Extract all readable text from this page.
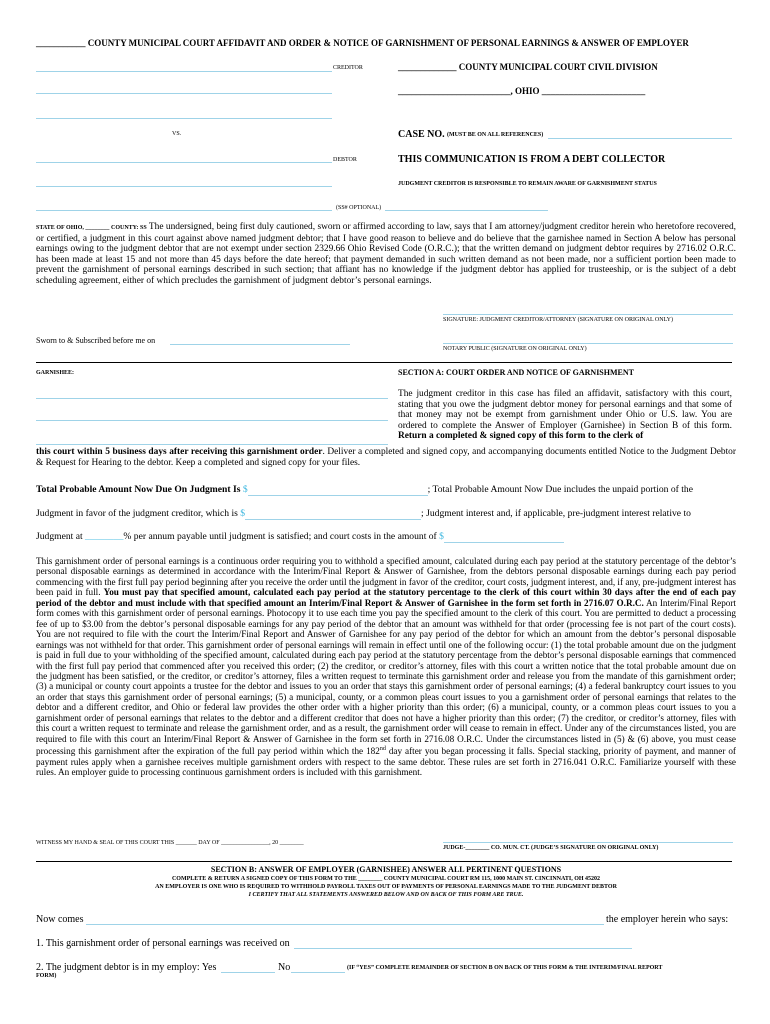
___________ COUNTY MUNICIPAL COURT AFFIDAVIT AND ORDER & NOTICE OF GARNISHMENT OF PERSONAL EARNINGS & ANSWER OF EMPLOYER
CREDITOR
VS.
DEBTOR
(SS# OPTIONAL)
_____________ COUNTY MUNICIPAL COURT CIVIL DIVISION
_________________________, OHIO _______________________
CASE NO. (MUST BE ON ALL REFERENCES)
THIS COMMUNICATION IS FROM A DEBT COLLECTOR
JUDGMENT CREDITOR IS RESPONSIBLE TO REMAIN AWARE OF GARNISHMENT STATUS
STATE OF OHIO, ________ COUNTY: SS The undersigned, being first duly cautioned, sworn or affirmed according to law, says that I am attorney/judgment creditor herein who heretofore recovered, or certified, a judgment in this court against above named judgment debtor; that I have good reason to believe and do believe that the garnishee named in Section A below has personal earnings owing to the judgment debtor that are not exempt under section 2329.66 Ohio Revised Code (O.R.C.); that the written demand on judgment debtor requires by 2716.02 O.R.C. has been made at least 15 and not more than 45 days before the date hereof; that payment demanded in such written demand as not been made, nor a sufficient portion been made to prevent the garnishment of personal earnings described in such section; that affiant has no knowledge if the judgment debtor has applied for trusteeship, or is the subject of a debt scheduling agreement, either of which precludes the garnishment of judgment debtor’s personal earnings.
SIGNATURE: JUDGMENT CREDITOR/ATTORNEY (SIGNATURE ON ORIGINAL ONLY)
Sworn to & Subscribed before me on
NOTARY PUBLIC (SIGNATURE ON ORIGINAL ONLY)
GARNISHEE:	SECTION A: COURT ORDER AND NOTICE OF GARNISHMENT
The judgment creditor in this case has filed an affidavit, satisfactory with this court, stating that you owe the judgment debtor money for personal earnings and that some of that money may not be exempt from garnishment under Ohio or U.S. law. You are ordered to complete the Answer of Employer (Garnishee) in Section B of this form. Return a completed & signed copy of this form to the clerk of
this court within 5 business days after receiving this garnishment order. Deliver a completed and signed copy, and accompanying documents entitled Notice to the Judgment Debtor & Request for Hearing to the debtor. Keep a completed and signed copy for your files.
Total Probable Amount Now Due On Judgment Is $	; Total Probable Amount Now Due includes the unpaid portion of the
Judgment in favor of the judgment creditor, which is $	; Judgment interest and, if applicable, pre-judgment interest relative to
Judgment at ________% per annum payable until judgment is satisfied; and court costs in the amount of $
This garnishment order of personal earnings is a continuous order requiring you to withhold a specified amount, calculated during each pay period at the statutory percentage of the debtor’s personal disposable earnings as determined in accordance with the Interim/Final Report & Answer of Garnishee, from the debtors personal disposable earnings during each pay period commencing with the first full pay period beginning after you receive the order until the judgment in favor of the creditor, court costs, judgment interest, and, if any, pre-judgment interest has been paid in full. You must pay that specified amount, calculated each pay period at the statutory percentage to the clerk of this court within 30 days after the end of each pay period of the debtor and must include with that specified amount an Interim/Final Report & Answer of Garnishee in the form set forth in 2716.07 O.R.C. An Interim/Final Report form comes with this garnishment order of personal earnings. Photocopy it to use each time you pay the specified amount to the clerk of this court. You are permitted to deduct a processing fee of up to $3.00 from the debtor’s personal disposable earnings for any pay period of the debtor that an amount was withheld for that order (processing fee is not part of the court costs). You are not required to file with the court the Interim/Final Report and Answer of Garnishee for any pay period of the debtor for which an amount from the debtor’s personal disposable earnings was not withheld for that order. This garnishment order of personal earnings will remain in effect until one of the following occur: (1) the total probable amount due on the judgment is paid in full due to your withholding of the specified amount, calculated during each pay period at the statutory percentage from the debtor’s personal disposable earnings that commenced with the first full pay period that commenced after you received this order; (2) the creditor, or creditor’s attorney, files with this court a written notice that the total probable amount due on the judgment has been satisfied, or the creditor, or creditor’s attorney, files a written request to terminate this garnishment order and release you from the mandate of this garnishment order; (3) a municipal or county court appoints a trustee for the debtor and issues to you an order that stays this garnishment order of personal earnings; (4) a federal bankruptcy court issues to you an order that stays this garnishment order of personal earnings; (5) a municipal, county, or a common pleas court issues to you a garnishment order of personal earnings that relates to the debtor and a different creditor, and Ohio or federal law provides the other order with a higher priority than this order; (6) a municipal, county, or a common pleas court issues to you a garnishment order of personal earnings that relates to the debtor and a different creditor that does not have a higher priority than this order; (7) the creditor, or creditor’s attorney, files with this court a written request to terminate and release the garnishment order, and as a result, the garnishment order will cease to remain in effect. Under any of the circumstances listed, you are required to file with this court an Interim/Final Report & Answer of Garnishee in the form set forth in 2716.08 O.R.C. Under the circumstances listed in (5) & (6) above, you must cease processing this garnishment after the expiration of the full pay period within which the 182nd day after you began processing it falls. Special stacking, priority of payment, and manner of payment rules apply when a garnishee receives multiple garnishment orders with respect to the same debtor. These rules are set forth in 2716.041 O.R.C. Familiarize yourself with these rules. An employer guide to processing continuous garnishment orders is included with this garnishment.
WITNESS MY HAND & SEAL OF THIS COURT THIS _______ DAY OF ________________, 20 ________
JUDGE-________ CO. MUN. CT. (JUDGE’S SIGNATURE ON ORIGINAL ONLY)
SECTION B: ANSWER OF EMPLOYER (GARNISHEE) ANSWER ALL PERTINENT QUESTIONS
COMPLETE & RETURN A SIGNED COPY OF THIS FORM TO THE ________ COUNTY MUNICIPAL COURT RM 115, 1000 MAIN ST. CINCINNATI, OH 45202
AN EMPLOYER IS ONE WHO IS REQUIRED TO WITHHOLD PAYROLL TAXES OUT OF PAYMENTS OF PERSONAL EARNINGS MADE TO THE JUDGMENT DEBTOR
I CERTIFY THAT ALL STATEMENTS ANSWERED BELOW AND ON BACK OF THIS FORM ARE TRUE.
Now comes	the employer herein who says:
1. This garnishment order of personal earnings was received on
2. The judgment debtor is in my employ: Yes	No	(IF “YES” COMPLETE REMAINDER OF SECTION B ON BACK OF THIS FORM & THE INTERIM/FINAL REPORT
FORM)
